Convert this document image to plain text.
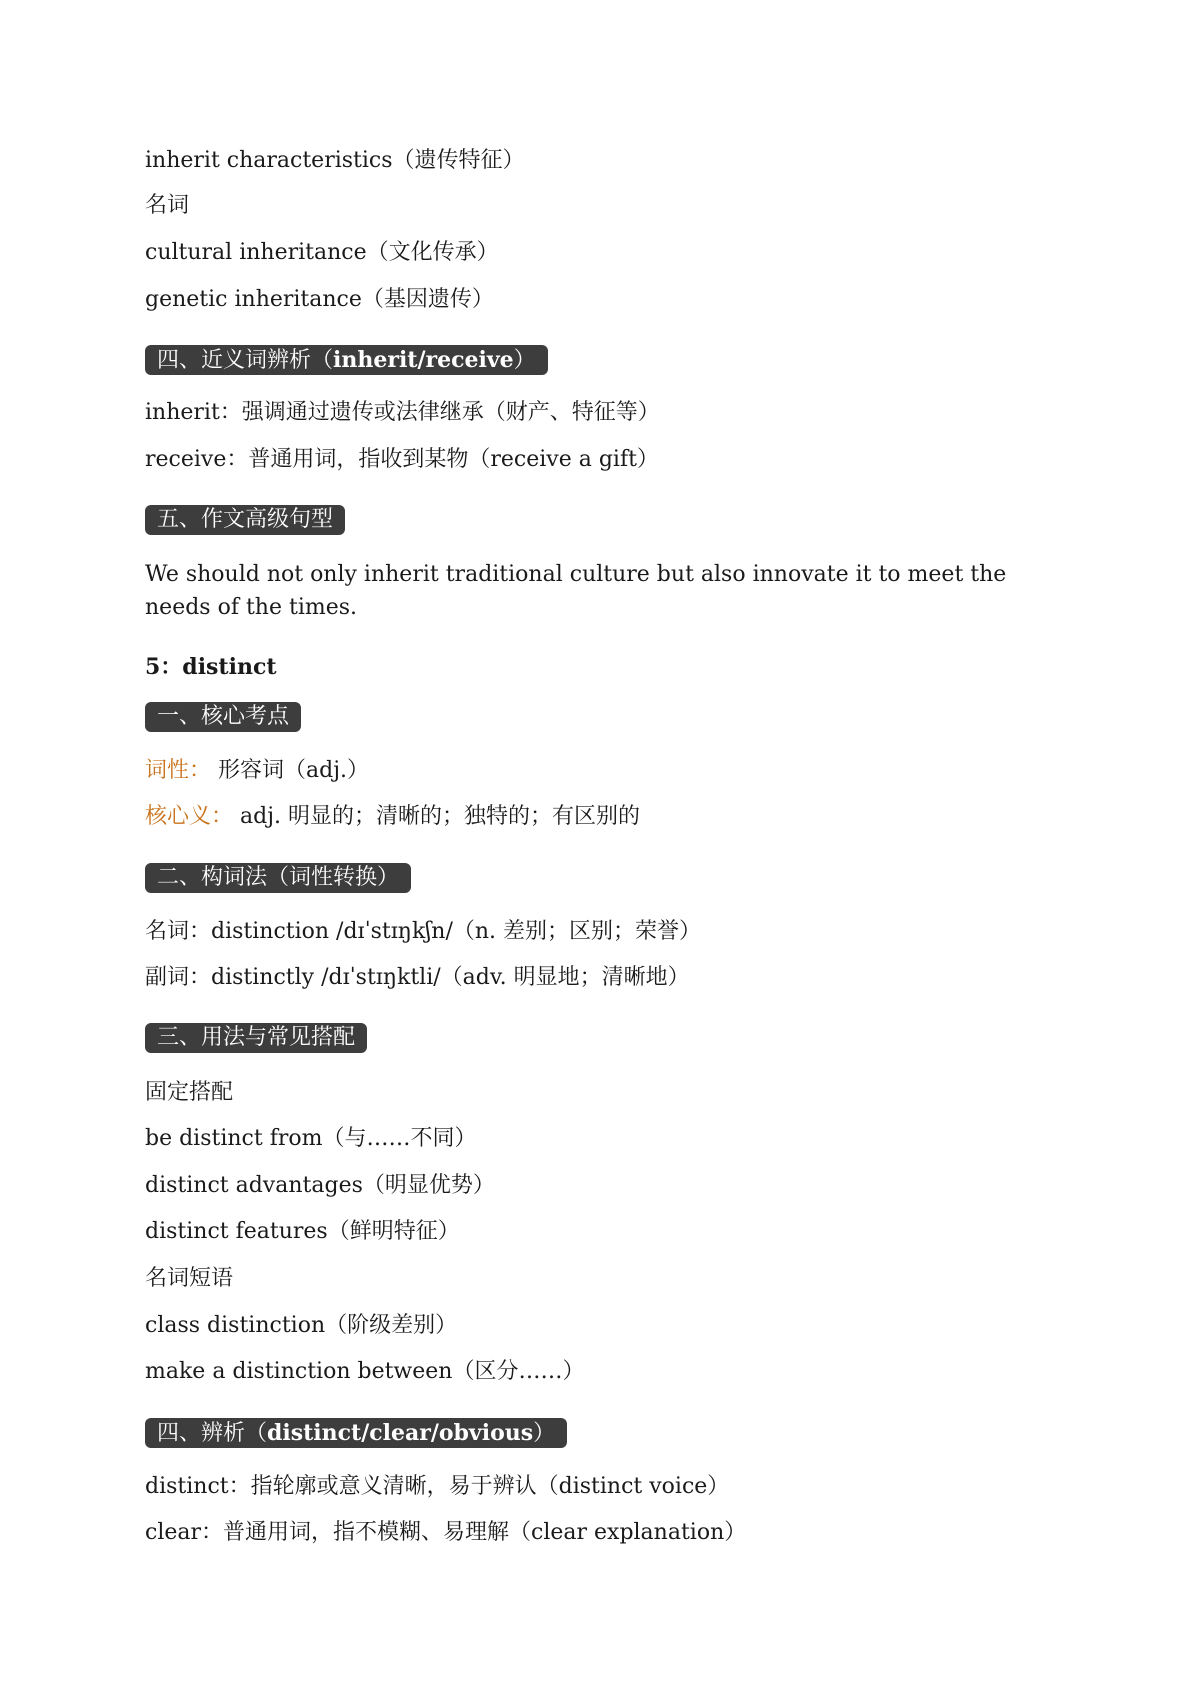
inherit characteristics（遗传特征）
名词
cultural inheritance（文化传承）
genetic inheritance（基因遗传）
四、近义词辨析（inherit/receive）
inherit：强调通过遗传或法律继承（财产、特征等）
receive：普通用词，指收到某物（receive a gift）
五、作文高级句型
We should not only inherit traditional culture but also innovate it to meet the needs of the times.
5：distinct
一、核心考点
词性： 形容词（adj.）
核心义： adj. 明显的；清晰的；独特的；有区别的
二、构词法（词性转换）
名词：distinction /dɪˈstɪŋkʃn/（n. 差别；区别；荣誉）
副词：distinctly /dɪˈstɪŋktli/（adv. 明显地；清晰地）
三、用法与常见搭配
固定搭配
be distinct from（与……不同）
distinct advantages（明显优势）
distinct features（鲜明特征）
名词短语
class distinction（阶级差别）
make a distinction between（区分……）
四、辨析（distinct/clear/obvious）
distinct：指轮廓或意义清晰，易于辨认（distinct voice）
clear：普通用词，指不模糊、易理解（clear explanation）
